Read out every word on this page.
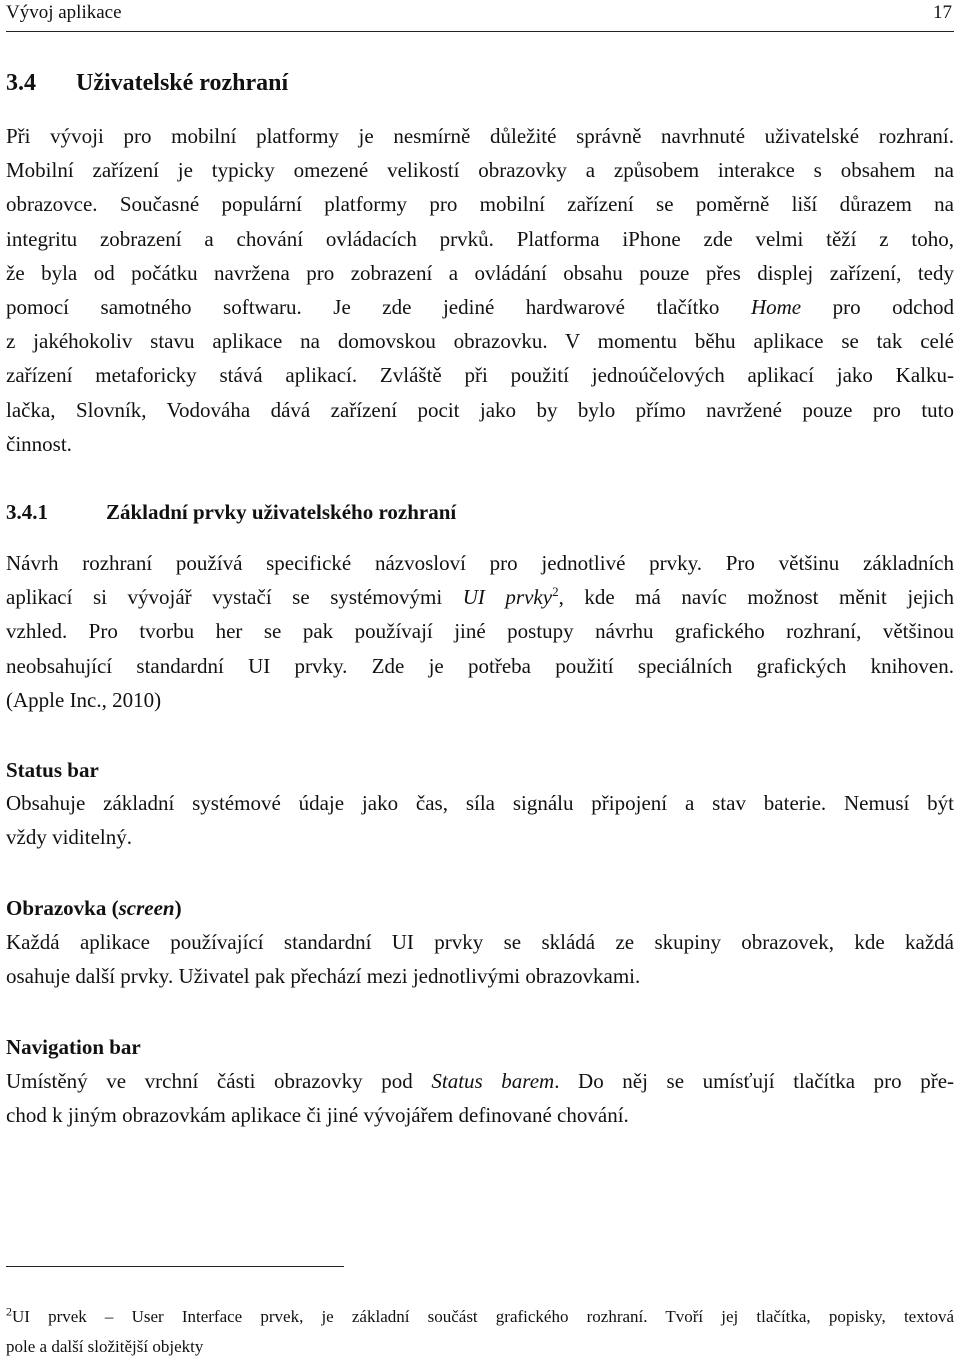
Vývoj aplikace	17
3.4 Uživatelské rozhraní

Při vývoji pro mobilní platformy je nesmírně důležité správně navrhnuté uživatelské rozhraní.
Mobilní zařízení je typicky omezené velikostí obrazovky a způsobem interakce s obsahem na
obrazovce. Současné populární platformy pro mobilní zařízení se poměrně liší důrazem na
integritu zobrazení a chování ovládacích prvků. Platforma iPhone zde velmi těží z toho,
že byla od počátku navržena pro zobrazení a ovládání obsahu pouze přes displej zařízení, tedy
pomocí samotného softwaru. Je zde jediné hardwarové tlačítko Home pro odchod
z jakéhokoliv stavu aplikace na domovskou obrazovku. V momentu běhu aplikace se tak celé
zařízení metaforicky stává aplikací. Zvláště při použití jednoúčelových aplikací jako Kalku-
lačka, Slovník, Vodováha dává zařízení pocit jako by bylo přímo navržené pouze pro tuto
činnost.

3.4.1	Základní prvky uživatelského rozhraní

Návrh rozhraní používá specifické názvosloví pro jednotlivé prvky. Pro většinu základních
aplikací si vývojář vystačí se systémovými UI prvky$^2$, kde má navíc možnost měnit jejich
vzhled. Pro tvorbu her se pak používají jiné postupy návrhu grafického rozhraní, většinou
neobsahující standardní UI prvky. Zde je potřeba použití speciálních grafických knihoven.
(Apple Inc., 2010)

Status bar

Obsahuje základní systémové údaje jako čas, síla signálu připojení a stav baterie. Nemusí být
vždy viditelný.

Obrazovka (screen)

Každá aplikace používající standardní UI prvky se skládá ze skupiny obrazovek, kde každá
osahuje další prvky. Uživatel pak přechází mezi jednotlivými obrazovkami.

Navigation bar

Umístěný ve vrchní části obrazovky pod Status barem. Do něj se umísťují tlačítka pro pře-
chod k jiným obrazovkám aplikace či jiné vývojářem definované chování.

$^2$UI prvek – User Interface prvek, je základní součást grafického rozhraní. Tvoří jej tlačítka, popisky, textová
pole a další složitější objekty
